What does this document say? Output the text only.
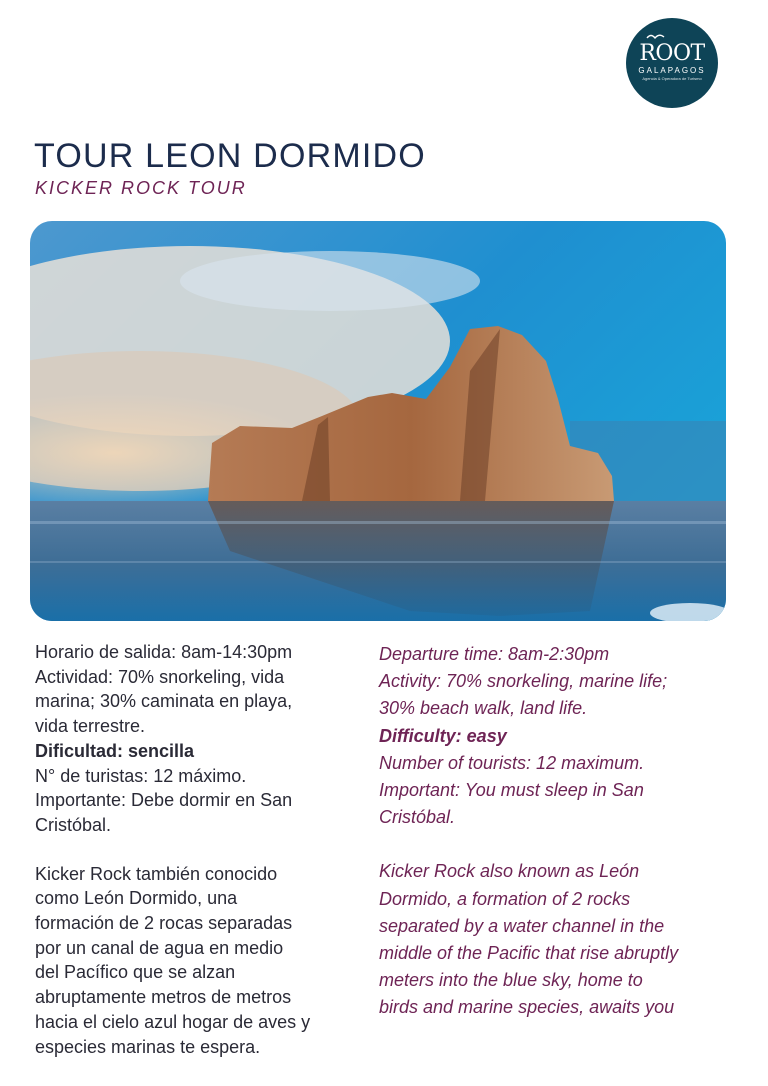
ROOT
GALAPAGOS
Agencia & Operadora de Turismo
TOUR LEON DORMIDO
KICKER ROCK TOUR

Horario de salida: 8am-14:30pm

Actividad: 70% snorkeling, vida

marina; 30% caminata en playa,

vida terrestre.

Dificultad: sencilla

N° de turistas: 12 máximo.

Importante: Debe dormir en San

Cristóbal.

Kicker Rock también conocido

como León Dormido, una

formación de 2 rocas separadas

por un canal de agua en medio

del Pacífico que se alzan

abruptamente metros de metros

hacia el cielo azul hogar de aves y

especies marinas te espera.

Departure time: 8am-2:30pm

Activity: 70% snorkeling, marine life;

30% beach walk, land life.

Difficulty: easy

Number of tourists: 12 maximum.

Important: You must sleep in San

Cristóbal.

Kicker Rock also known as León

Dormido, a formation of 2 rocks

separated by a water channel in the

middle of the Pacific that rise abruptly

meters into the blue sky, home to

birds and marine species, awaits you
